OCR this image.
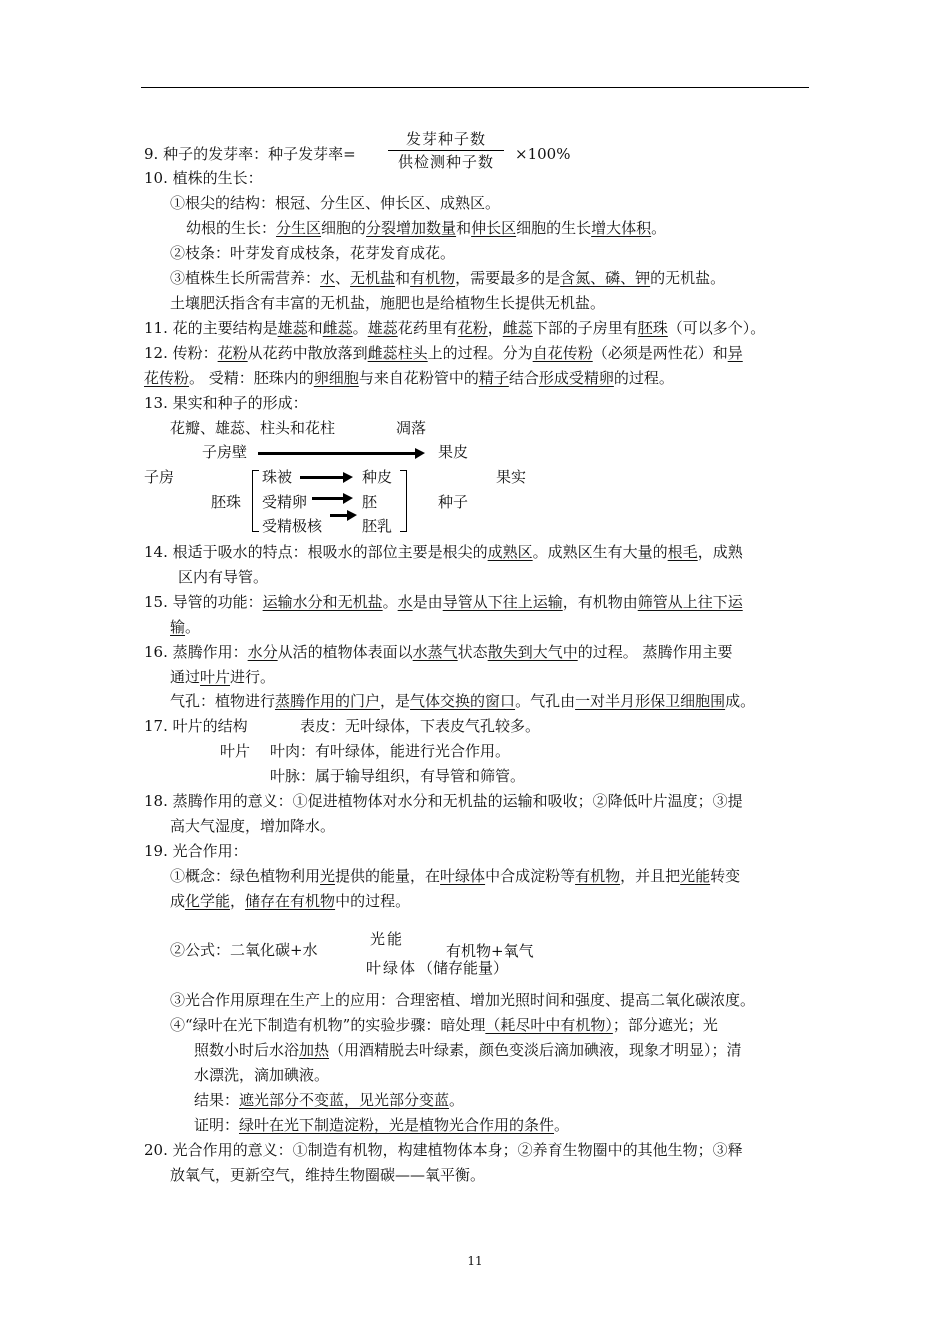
9. 种子的发芽率：种子发芽率=
发芽种子数
供检测种子数	×100%
10. 植株的生长：
①根尖的结构：根冠、分生区、伸长区、成熟区。
幼根的生长：分生区细胞的分裂增加数量和伸长区细胞的生长增大体积。
②枝条：叶芽发育成枝条，花芽发育成花。
③植株生长所需营养：水、无机盐和有机物，需要最多的是含氮、磷、钾的无机盐。
土壤肥沃指含有丰富的无机盐，施肥也是给植物生长提供无机盐。
11. 花的主要结构是雄蕊和雌蕊。雄蕊花药里有花粉，雌蕊下部的子房里有胚珠（可以多个）。
12. 传粉：花粉从花药中散放落到雌蕊柱头上的过程。分为自花传粉（必须是两性花）和异
花传粉。 受精：胚珠内的卵细胞与来自花粉管中的精子结合形成受精卵的过程。
13. 果实和种子的形成：
花瓣、雄蕊、柱头和花柱	凋落
子房壁	果皮
子房	果实
胚珠
珠被	种皮
受精卵	胚
受精极核	胚乳
种子
14. 根适于吸水的特点：根吸水的部位主要是根尖的成熟区。成熟区生有大量的根毛，成熟
区内有导管。
15. 导管的功能：运输水分和无机盐。水是由导管从下往上运输，有机物由筛管从上往下运
输。
16. 蒸腾作用：水分从活的植物体表面以水蒸气状态散失到大气中的过程。 蒸腾作用主要
通过叶片进行。
气孔：植物进行蒸腾作用的门户，是气体交换的窗口。气孔由一对半月形保卫细胞围成。
17. 叶片的结构	表皮：无叶绿体，下表皮气孔较多。
叶片 叶肉：有叶绿体，能进行光合作用。
叶脉：属于输导组织，有导管和筛管。
18. 蒸腾作用的意义：①促进植物体对水分和无机盐的运输和吸收；②降低叶片温度；③提
高大气湿度，增加降水。
19. 光合作用：
①概念：绿色植物利用光提供的能量，在叶绿体中合成淀粉等有机物，并且把光能转变
成化学能，储存在有机物中的过程。
②公式：二氧化碳+水
光能
叶绿体
有机物+氧气
（储存能量）
③光合作用原理在生产上的应用：合理密植、增加光照时间和强度、提高二氧化碳浓度。
④“绿叶在光下制造有机物”的实验步骤：暗处理（耗尽叶中有机物）；部分遮光；光
照数小时后水浴加热（用酒精脱去叶绿素，颜色变淡后滴加碘液，现象才明显）；清
水漂洗，滴加碘液。
结果：遮光部分不变蓝，见光部分变蓝。
证明：绿叶在光下制造淀粉，光是植物光合作用的条件。
20. 光合作用的意义：①制造有机物，构建植物体本身；②养育生物圈中的其他生物；③释
放氧气，更新空气，维持生物圈碳——氧平衡。
11
